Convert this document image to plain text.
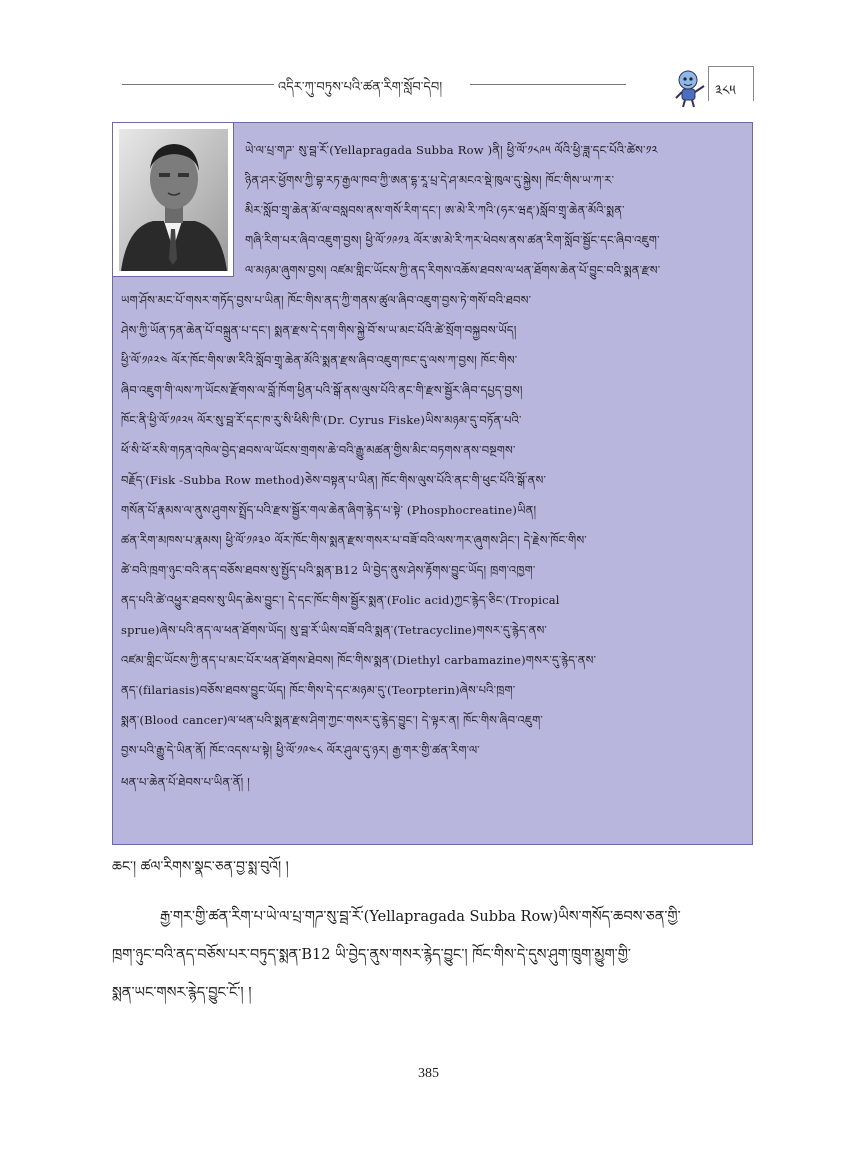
འདིར་ཀུ་བཏུས་པའི་ཚན་རིག་སློབ་དེབ།	༣༨༥
ཡེ་ལ་པྲ་གཌ་ སུ་བྦ་རོ་(Yellapragada Subba Row )ནི། ཕྱི་ལོ་༡༨༩༥ ལོའི་ཕྱི་ཟླ་དང་པོའི་ཚེས་༡༢
ཉིན་ཤར་ཕྱོགས་ཀྱི་བྷ་རཏ་རྒྱལ་ཁབ་ཀྱི་ཨན་དྷ་རཱ་པྲ་དེ་ཤ་མངའ་སྡེ་ཁུལ་དུ་སྐྱེས། ཁོང་གིས་ཡ་ཀ་ར་
མིར་སློབ་གྲྭ་ཆེན་མོ་ལ་བསླབས་ནས་གསོ་རིག་དང་། ཨ་མེ་རི་ཀའི་(ཧར་ཝརྡ་)སློབ་གྲྭ་ཆེན་མོའི་སྨན་
གཞི་རིག་པར་ཞིབ་འཇུག་བྱས། ཕྱི་ལོ་༡༩༡༣ ལོར་ཨ་མེ་རི་ཀར་ཕེབས་ནས་ཚན་རིག་སློབ་སྦྱོང་དང་ཞིབ་འཇུག་
ལ་མཉམ་ཞུགས་བྱས། འཛམ་གླིང་ཡོངས་ཀྱི་ནད་རིགས་འཆོས་ཐབས་ལ་ཕན་ཐོགས་ཆེན་པོ་བྱུང་བའི་སྨན་རྫས་
ཡག་ཤོས་མང་པོ་གསར་གཏོད་བྱས་པ་ཡིན། ཁོང་གིས་ནད་ཀྱི་གནས་ཚུལ་ཞིབ་འཇུག་བྱས་ཏེ་གསོ་བའི་ཐབས་
ཤེས་ཀྱི་ཡོན་ཏན་ཆེན་པོ་བསྐྲུན་པ་དང་། སྨན་རྫས་དེ་དག་གིས་སྐྱེ་བོ་ས་ཡ་མང་པོའི་ཚེ་སྲོག་བསྐྱབས་ཡོད།
ཕྱི་ལོ་༡༩༢༤ ལོར་ཁོང་གིས་ཨ་རིའི་སློབ་གྲྭ་ཆེན་མོའི་སྨན་རྫས་ཞིབ་འཇུག་ཁང་དུ་ལས་ཀ་བྱས། ཁོང་གིས་
ཞིབ་འཇུག་གི་ལས་ཀ་ཡོངས་རྫོགས་ལ་བློ་ཁོག་ཕྱིན་པའི་སྒོ་ནས་ལུས་པོའི་ནང་གི་རྫས་སྦྱོར་ཞིབ་དཔྱད་བྱས།
ཁོང་ནི་ཕྱི་ལོ་༡༩༢༥ ལོར་སུ་བྦ་རོ་དང་ཁ་རུ་སི་ཕིསི་ཁི་(Dr. Cyrus Fiske)ཡིས་མཉམ་དུ་བཏོན་པའི་
ཕོ་སི་ཕོ་རསི་གཏན་འཁེལ་བྱེད་ཐབས་ལ་ཡོངས་གྲགས་ཆེ་བའི་རྒྱུ་མཚན་གྱིས་མིང་བཏགས་ནས་བསྔགས་
བརྗོད་(Fisk -Subba Row method)ཅེས་བསྟན་པ་ཡིན། ཁོང་གིས་ལུས་པོའི་ནང་གི་ཕུང་པོའི་སྒོ་ནས་
གསོན་པོ་རྣམས་ལ་ནུས་ཤུགས་སྤྲོད་པའི་རྫས་སྦྱོར་གལ་ཆེན་ཞིག་རྙེད་པ་སྟེ་ (Phosphocreatine)ཡིན།
ཚན་རིག་མཁས་པ་རྣམས། ཕྱི་ལོ་༡༩༣༠ ལོར་ཁོང་གིས་སྨན་རྫས་གསར་པ་བཟོ་བའི་ལས་ཀར་ཞུགས་ཤིང་། དེ་རྗེས་ཁོང་གིས་
ཚེ་བའི་ཁྲག་ཉུང་བའི་ནད་བཅོས་ཐབས་སུ་སྤྱོད་པའི་སྨན་B12 ཡི་བྱེད་ནུས་ཤེས་རྟོགས་བྱུང་ཡོད། ཁྲག་འཁྱག་
ནད་པའི་ཚེ་འཕྱུར་ཐབས་སུ་ཡིད་ཆེས་བྱུང་། དེ་དང་ཁོང་གིས་སྦྱོར་སྨན་(Folic acid)ཀྱང་རྙེད་ཅིང་(Tropical
sprue)ཞེས་པའི་ནད་ལ་ཕན་ཐོགས་ཡོད། སུ་བྦ་རོ་ཡིས་བཟོ་བའི་སྨན་(Tetracycline)གསར་དུ་རྙེད་ནས་
འཛམ་གླིང་ཡོངས་ཀྱི་ནད་པ་མང་པོར་ཕན་ཐོགས་ཐེབས། ཁོང་གིས་སྨན་(Diethyl carbamazine)གསར་དུ་རྙེད་ནས་
ནད་(filariasis)བཅོས་ཐབས་བྱུང་ཡོད། ཁོང་གིས་དེ་དང་མཉམ་དུ་(Teorpterin)ཞེས་པའི་ཁྲག་
སྨན་(Blood cancer)ལ་ཕན་པའི་སྨན་རྫས་ཤིག་ཀྱང་གསར་དུ་རྙེད་བྱུང་། དེ་ལྟར་ན། ཁོང་གིས་ཞིབ་འཇུག་
བྱས་པའི་རྒྱུ་དེ་ཡིན་ནོ། ཁོང་འདས་པ་སྟེ། ཕྱི་ལོ་༡༩༤༨ ལོར་ཤུལ་དུ་ཉར། རྒྱ་གར་གྱི་ཚན་རིག་ལ་
ཕན་པ་ཆེན་པོ་ཐེབས་པ་ཡིན་ནོ། །
ཆང་། ཚལ་རིགས་སྣང་ཅན་བྱ་སྨ་བུའོ། །
རྒྱ་གར་གྱི་ཚན་རིག་པ་ཡེ་ལ་པྲ་གཌ་སུ་བྦ་རོ་(Yellapragada Subba Row)ཡིས་གསོད་ཆབས་ཅན་གྱི་
ཁྲག་ཉུང་བའི་ནད་བཅོས་པར་བཏུད་སྨན་B12 ཡི་བྱེད་ནུས་གསར་རྙེད་བྱུང་། ཁོང་གིས་དེ་དུས་ཤུག་ཁྲུག་མྱུག་གྱི་
སྨན་ཡང་གསར་རྙེད་བྱུང་ངོ་། །
385
